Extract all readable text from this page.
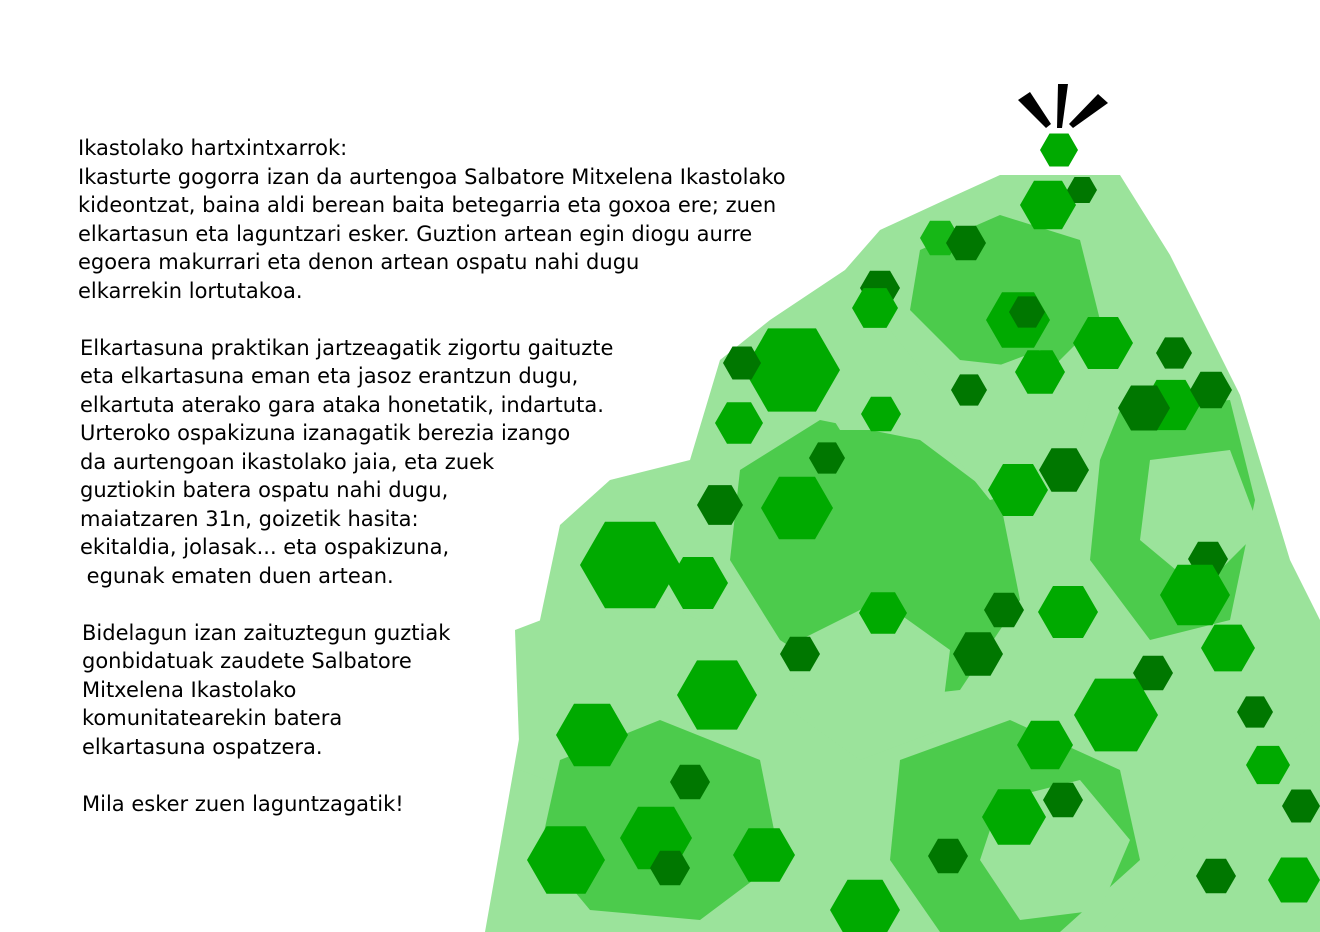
Ikastolako hartxintxarrok:
Ikasturte gogorra izan da aurtengoa Salbatore Mitxelena Ikastolako
kideontzat, baina aldi berean baita betegarria eta goxoa ere; zuen
elkartasun eta laguntzari esker. Guztion artean egin diogu aurre
egoera makurrari eta denon artean ospatu nahi dugu
elkarrekin lortutakoa.
Elkartasuna praktikan jartzeagatik zigortu gaituzte
eta elkartasuna eman eta jasoz erantzun dugu,
elkartuta aterako gara ataka honetatik, indartuta.
Urteroko ospakizuna izanagatik berezia izango
da aurtengoan ikastolako jaia, eta zuek
guztiokin batera ospatu nahi dugu,
maiatzaren 31n, goizetik hasita:
ekitaldia, jolasak... eta ospakizuna,
egunak ematen duen artean.
Bidelagun izan zaituztegun guztiak
gonbidatuak zaudete Salbatore
Mitxelena Ikastolako
komunitatearekin batera
elkartasuna ospatzera.
Mila esker zuen laguntzagatik!
